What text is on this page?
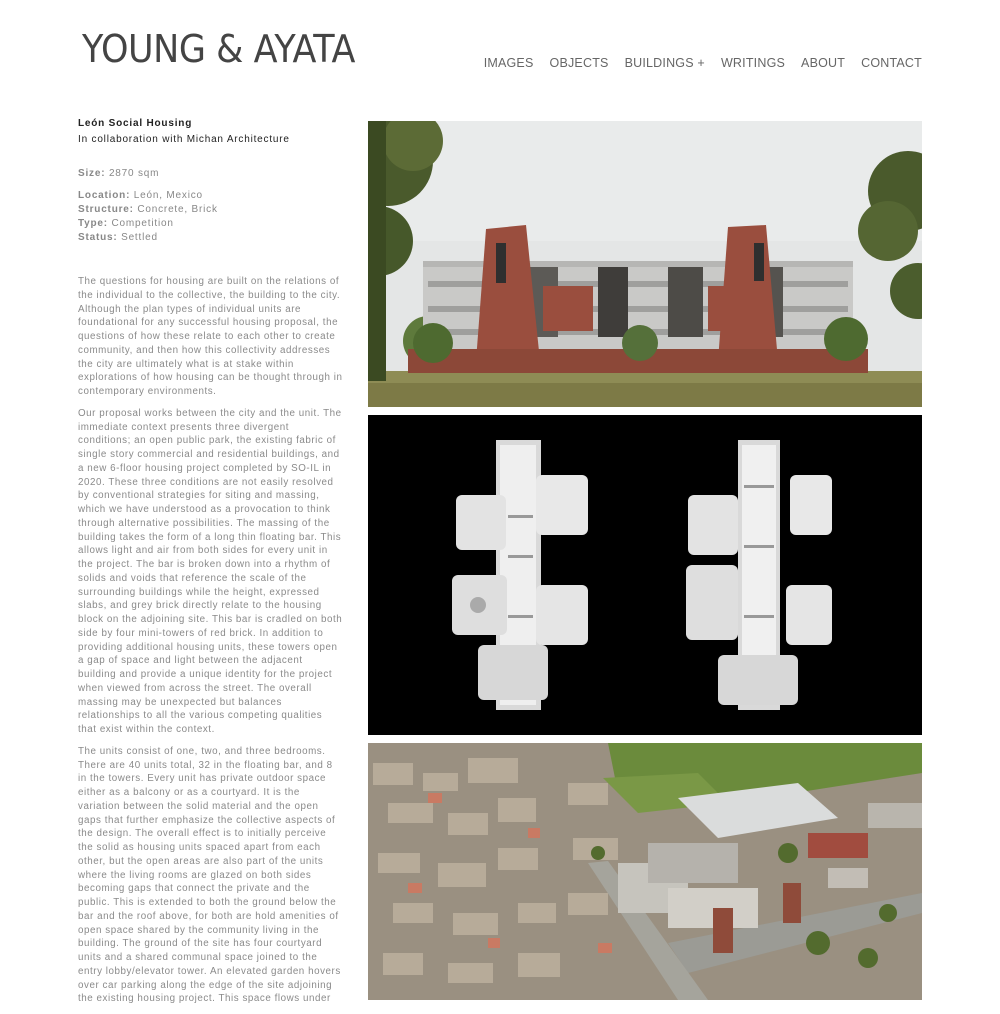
YOUNG & AYATA	IMAGES OBJECTS BUILDINGS + WRITINGS ABOUT CONTACT
León Social Housing
In collaboration with Michan Architecture
Size: 2870 sqm
Location: León, Mexico
Structure: Concrete, Brick
Type: Competition
Status: Settled

The questions for housing are built on the relations of the individual to the collective, the building to the city. Although the plan types of individual units are foundational for any successful housing proposal, the questions of how these relate to each other to create community, and then how this collectivity addresses the city are ultimately what is at stake within explorations of how housing can be thought through in contemporary environments.

Our proposal works between the city and the unit. The immediate context presents three divergent conditions; an open public park, the existing fabric of single story commercial and residential buildings, and a new 6-floor housing project completed by SO-IL in 2020. These three conditions are not easily resolved by conventional strategies for siting and massing, which we have understood as a provocation to think through alternative possibilities. The massing of the building takes the form of a long thin floating bar. This allows light and air from both sides for every unit in the project. The bar is broken down into a rhythm of solids and voids that reference the scale of the surrounding buildings while the height, expressed slabs, and grey brick directly relate to the housing block on the adjoining site. This bar is cradled on both side by four mini-towers of red brick. In addition to providing additional housing units, these towers open a gap of space and light between the adjacent building and provide a unique identity for the project when viewed from across the street. The overall massing may be unexpected but balances relationships to all the various competing qualities that exist within the context.

The units consist of one, two, and three bedrooms. There are 40 units total, 32 in the floating bar, and 8 in the towers. Every unit has private outdoor space either as a balcony or as a courtyard. It is the variation between the solid material and the open gaps that further emphasize the collective aspects of the design. The overall effect is to initially perceive the solid as housing units spaced apart from each other, but the open areas are also part of the units where the living rooms are glazed on both sides becoming gaps that connect the private and the public. This is extended to both the ground below the bar and the roof above, for both are hold amenities of open space shared by the community living in the building. The ground of the site has four courtyard units and a shared communal space joined to the entry lobby/elevator tower. An elevated garden hovers over car parking along the edge of the site adjoining the existing housing project. This space flows under
